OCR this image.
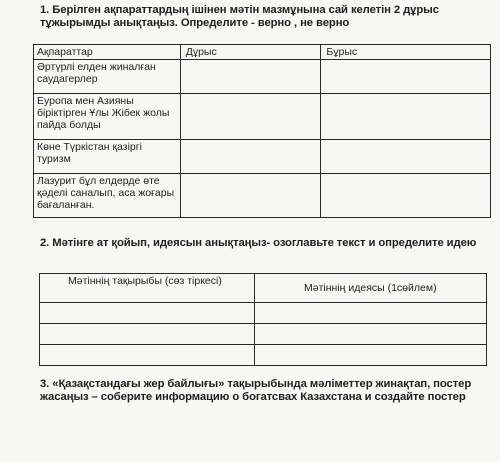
1. Берілген ақпараттардың ішінен мәтін мазмұнына сай келетін 2 дұрыс тұжырымды анықтаңыз. Определите - верно , не верно
Ақпараттар	Дұрыс	Бұрыс
Әртүрлі елден жиналған саудагерлер		
Еуропа мен Азияны біріктірген Ұлы Жібек жолы пайда болды		
Көне Түркістан қазіргі туризм		
Лазурит бұл елдерде өте қәделі саналып, аса жоғары бағаланған.		
2. Мәтінге ат қойып, идеясын анықтаңыз- озоглавьте текст и определите идею
Мәтіннің тақырыбы (сөз тіркесі)	Мәтіннің идеясы (1сөйлем)

3. «Қазақстандағы жер байлығы» тақырыбында мәліметтер жинақтап, постер жасаңыз – соберите информацию о богатсвах Казахстана и создайте постер
